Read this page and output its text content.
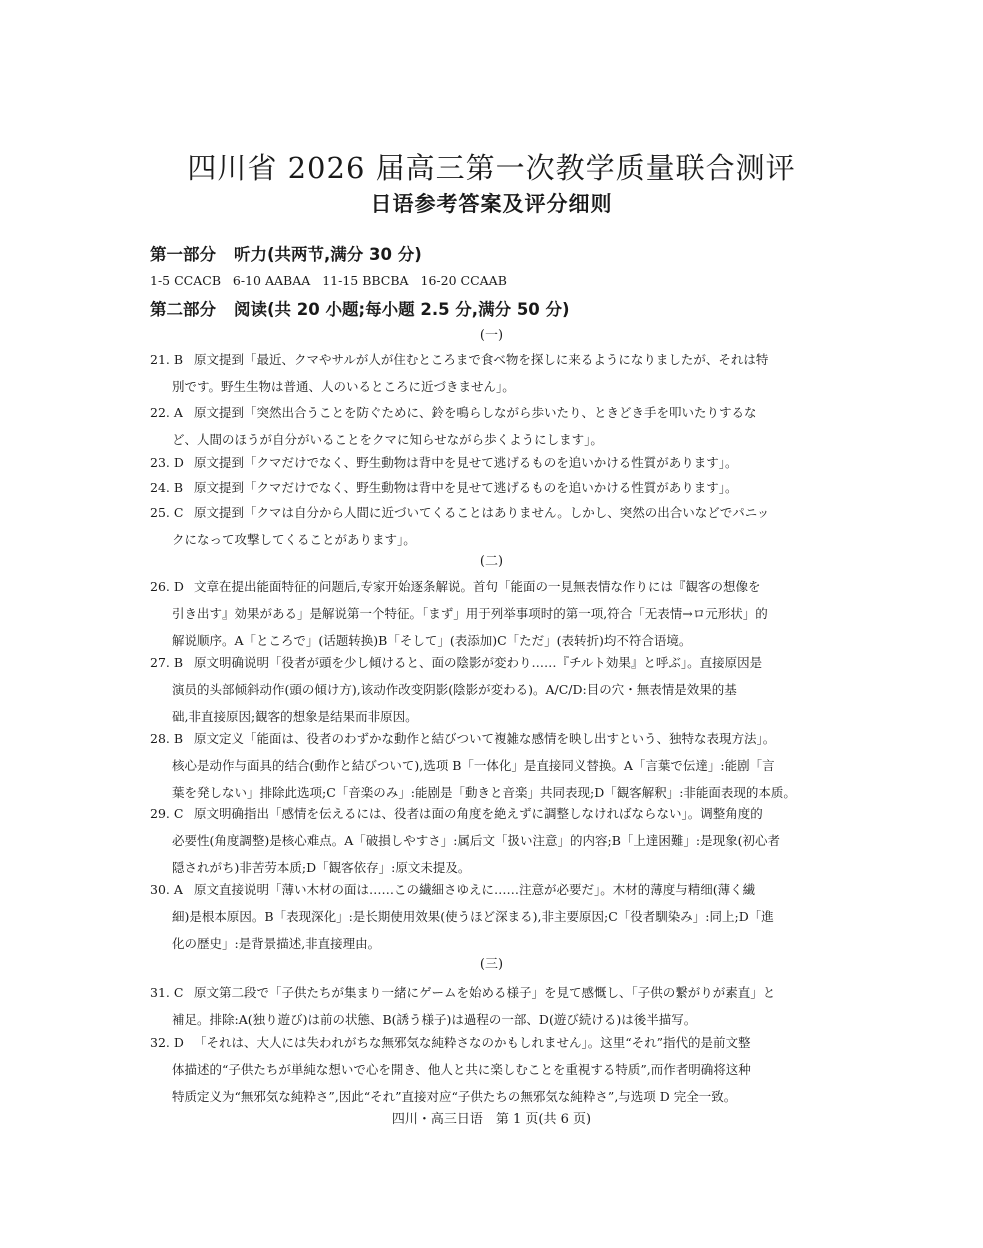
四川省 2026 届高三第一次教学质量联合测评
日语参考答案及评分细则
第一部分 听力(共两节,满分 30 分)
1-5 CCACB   6-10 AABAA   11-15 BBCBA   16-20 CCAAB
第二部分 阅读(共 20 小题;每小题 2.5 分,满分 50 分)
(一)
(二)
(三)
21. B 原文提到「最近、クマやサルが人が住むところまで食べ物を探しに来るようになりましたが、それは特
別です。野生生物は普通、人のいるところに近づきません」。
22. A 原文提到「突然出合うことを防ぐために、鈴を鳴らしながら歩いたり、ときどき手を叩いたりするな
ど、人間のほうが自分がいることをクマに知らせながら歩くようにします」。
23. D 原文提到「クマだけでなく、野生動物は背中を見せて逃げるものを追いかける性質があります」。
24. B 原文提到「クマだけでなく、野生動物は背中を見せて逃げるものを追いかける性質があります」。
25. C 原文提到「クマは自分から人間に近づいてくることはありません。しかし、突然の出合いなどでパニッ
クになって攻撃してくることがあります」。
26. D 文章在提出能面特征的问题后,专家开始逐条解说。首句「能面の一見無表情な作りには『観客の想像を
引き出す』効果がある」是解说第一个特征。「まず」用于列举事项时的第一项,符合「无表情→ロ元形状」的
解说顺序。A「ところで」(话题转换)B「そして」(表添加)C「ただ」(表转折)均不符合语境。
27. B 原文明确说明「役者が頭を少し傾けると、面の陰影が変わり……『チルト効果』と呼ぶ」。直接原因是
演员的头部倾斜动作(頭の傾け方),该动作改变阴影(陰影が変わる)。A/C/D:目の穴・無表情是效果的基
础,非直接原因;観客的想象是结果而非原因。
28. B 原文定义「能面は、役者のわずかな動作と結びついて複雑な感情を映し出すという、独特な表現方法」。
核心是动作与面具的结合(動作と結びついて),选项 B「一体化」是直接同义替换。A「言葉で伝達」:能剧「言
葉を発しない」排除此选项;C「音楽のみ」:能剧是「動きと音楽」共同表现;D「観客解釈」:非能面表现的本质。
29. C 原文明确指出「感情を伝えるには、役者は面の角度を絶えずに調整しなければならない」。调整角度的
必要性(角度調整)是核心难点。A「破損しやすさ」:属后文「扱い注意」的内容;B「上達困難」:是现象(初心者
隠されがち)非苦劳本质;D「観客依存」:原文未提及。
30. A 原文直接说明「薄い木材の面は……この繊細さゆえに……注意が必要だ」。木材的薄度与精细(薄く繊
細)是根本原因。B「表现深化」:是长期使用效果(使うほど深まる),非主要原因;C「役者馴染み」:同上;D「進
化の歴史」:是背景描述,非直接理由。
31. C 原文第二段で「子供たちが集まり一緒にゲームを始める様子」を見て感慨し、「子供の繋がりが素直」と
補足。排除:A(独り遊び)は前の状態、B(誘う様子)は過程の一部、D(遊び続ける)は後半描写。
32. D 「それは、大人には失われがちな無邪気な純粋さなのかもしれません」。这里“それ”指代的是前文整
体描述的“子供たちが単純な想いで心を開き、他人と共に楽しむことを重視する特质”,而作者明确将这种
特质定义为“無邪気な純粋さ”,因此“それ”直接对应“子供たちの無邪気な純粋さ”,与选项 D 完全一致。
四川・高三日语　第 1 页(共 6 页)
